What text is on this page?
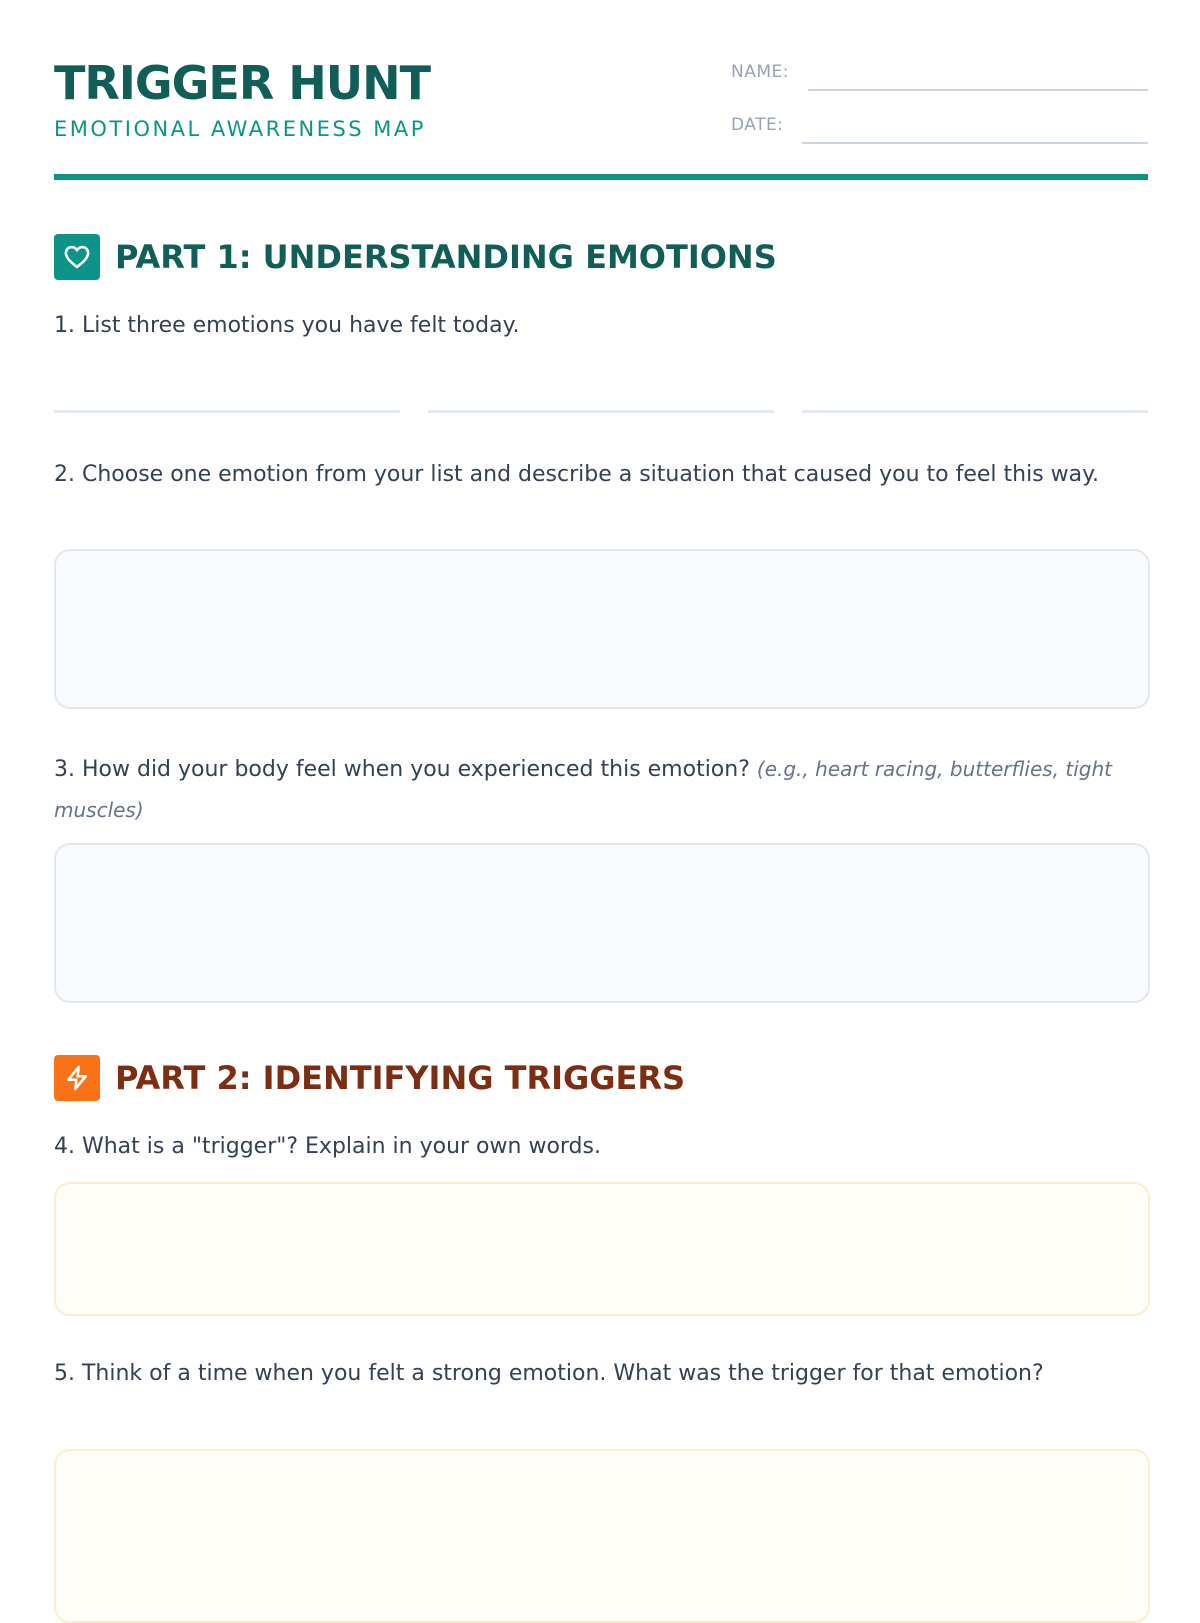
TRIGGER HUNT
EMOTIONAL AWARENESS MAP
NAME:
DATE:
PART 1: UNDERSTANDING EMOTIONS
1. List three emotions you have felt today.
2. Choose one emotion from your list and describe a situation that caused you to feel this way.
3. How did your body feel when you experienced this emotion? (e.g., heart racing, butterflies, tight muscles)
PART 2: IDENTIFYING TRIGGERS
4. What is a "trigger"? Explain in your own words.
5. Think of a time when you felt a strong emotion. What was the trigger for that emotion?
